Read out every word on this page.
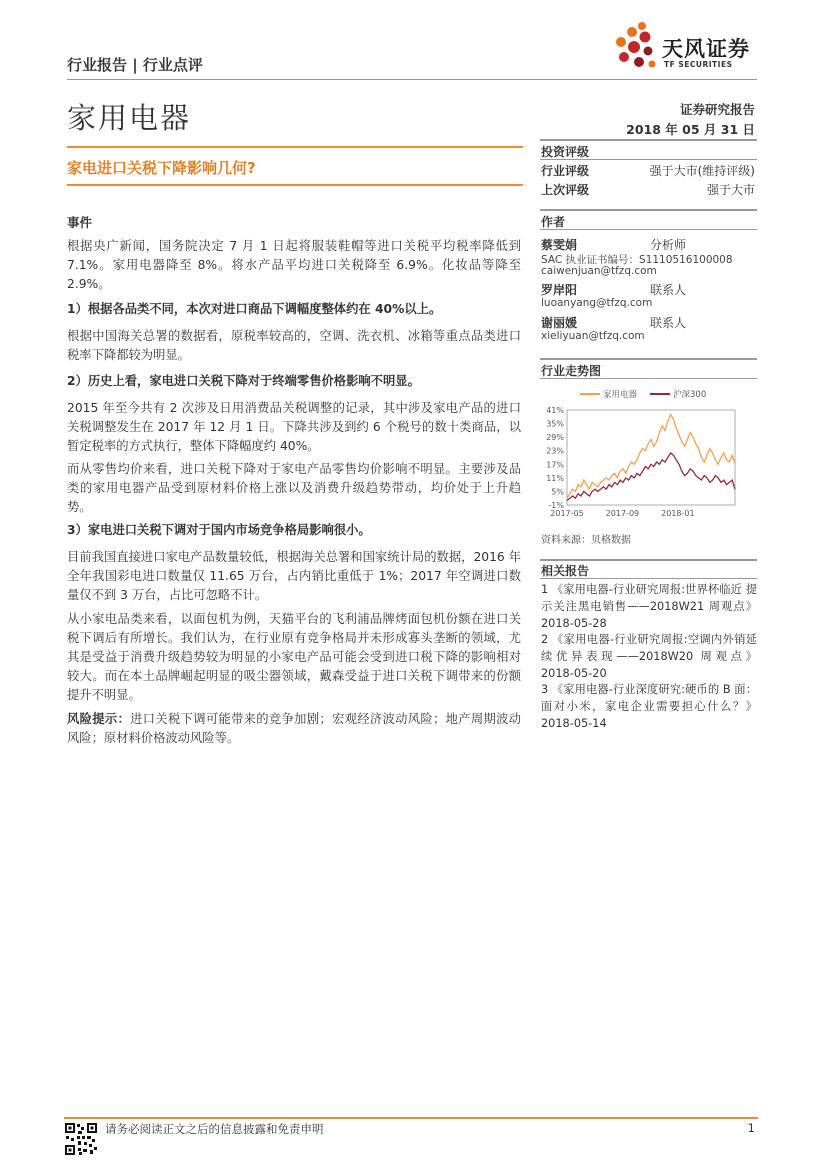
行业报告 | 行业点评
天风证券
TF SECURITIES
家用电器	证券研究报告
2018 年 05 月 31 日
家电进口关税下降影响几何?
事件
根据央广新闻，国务院决定 7 月 1 日起将服装鞋帽等进口关税平均税率降低到 7.1%。家用电器降至 8%。将水产品平均进口关税降至 6.9%。化妆品等降至 2.9%。
1）根据各品类不同，本次对进口商品下调幅度整体约在 40%以上。
根据中国海关总署的数据看，原税率较高的，空调、洗衣机、冰箱等重点品类进口税率下降都较为明显。
2）历史上看，家电进口关税下降对于终端零售价格影响不明显。
2015 年至今共有 2 次涉及日用消费品关税调整的记录，其中涉及家电产品的进口关税调整发生在 2017 年 12 月 1 日。下降共涉及到约 6 个税号的数十类商品，以暂定税率的方式执行，整体下降幅度约 40%。
而从零售均价来看，进口关税下降对于家电产品零售均价影响不明显。主要涉及品类的家用电器产品受到原材料价格上涨以及消费升级趋势带动，均价处于上升趋势。
3）家电进口关税下调对于国内市场竞争格局影响很小。
目前我国直接进口家电产品数量较低，根据海关总署和国家统计局的数据，2016 年全年我国彩电进口数量仅 11.65 万台，占内销比重低于 1%；2017 年空调进口数量仅不到 3 万台，占比可忽略不计。
从小家电品类来看，以面包机为例，天猫平台的飞利浦品牌烤面包机份额在进口关税下调后有所增长。我们认为，在行业原有竞争格局并未形成寡头垄断的领域，尤其是受益于消费升级趋势较为明显的小家电产品可能会受到进口税下降的影响相对较大。而在本土品牌崛起明显的吸尘器领域，戴森受益于进口关税下调带来的份额提升不明显。
风险提示：进口关税下调可能带来的竞争加剧；宏观经济波动风险；地产周期波动风险；原材料价格波动风险等。
投资评级
行业评级	强于大市(维持评级)
上次评级	强于大市
作者
蔡雯娟	分析师
SAC 执业证书编号：S1110516100008
caiwenjuan@tfzq.com
罗岸阳	联系人
luoanyang@tfzq.com
谢丽媛	联系人
xieliyuan@tfzq.com
行业走势图
41%
35%
29%
23%
17%
11%
5%
-1%
2017-05	2017-09	2018-01
家用电器	沪深300
资料来源：贝格数据
相关报告
1 《家用电器-行业研究周报:世界杯临近 提示关注黑电销售——2018W21 周观点》 2018-05-28
2 《家用电器-行业研究周报:空调内外销延续优异表现——2018W20 周观点》 2018-05-20
3 《家用电器-行业深度研究:硬币的 B 面：面对小米，家电企业需要担心什么？》 2018-05-14
请务必阅读正文之后的信息披露和免责申明	1
